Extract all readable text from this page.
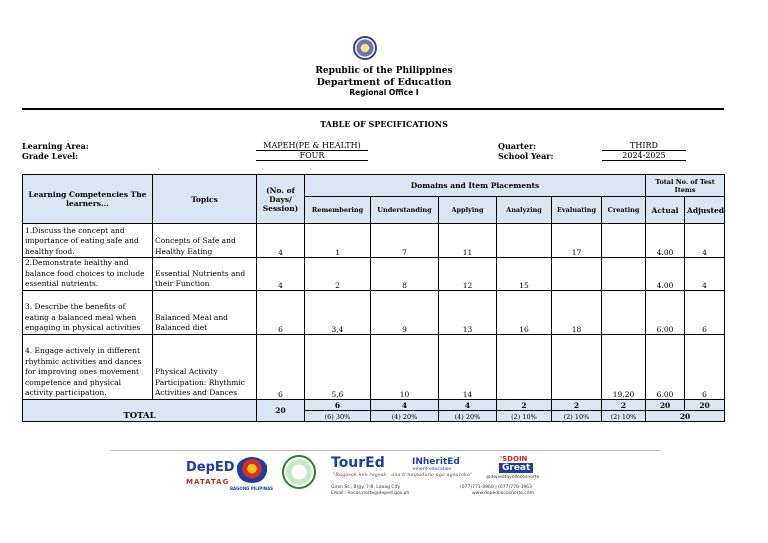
Republic of the Philippines
Department of Education
Regional Office I
TABLE OF SPECIFICATIONS
Learning Area:	MAPEH(PE & HEALTH)
Grade Level:	FOUR
Quarter:	THIRD
School Year:	2024-2025
Learning Competencies The learners...	Topics	(No. of Days/ Session)	Domains and Item Placements						Total No. of Test Items	
			Remembering	Understanding	Applying	Analyzing	Evaluating	Creating	Actual	Adjusted
1.Discuss the concept and importance of eating safe and healthy food.	Concepts of Safe and Healthy Eating	4	1	7	11		17		4.00	4
2.Demonstrate healthy and balance food choices to include essential nutrients.	Essential Nutrients and their Function	4	2	8	12	15			4.00	4
3. Describe the benefits of eating a balanced meal when engaging in physical activities	Balanced Meal and Balanced diet	6	3,4	9	13	16	18		6.00	6
4. Engage actively in different rhythmic activities and dances for improving ones movement competence and physical activity participation.	Physical Activity Participation: Rhythmic Activities and Dances	6	5,6	10	14			19,20	6.00	6
TOTAL		20	6	4	4	2	2	2	20	20
			(6) 30%	(4) 20%	(4) 20%	(2) 10%	(2) 10%	(2) 10%	20	
DepED
MATATAG
BAGONG PILIPINAS
TourEd
"Ragasak ken ragsak - ana ti naipaduno nga agsuroka"
INheritEd
inherit education
'SDOIN
Great
@depedtayoilocosnorte
Giron St., Brgy. 7-B, Laoag City
Email : ilocos.norte@deped.gov.ph
(077)771-0960 | (077)770-3963
www.depedilocosnorte.com
